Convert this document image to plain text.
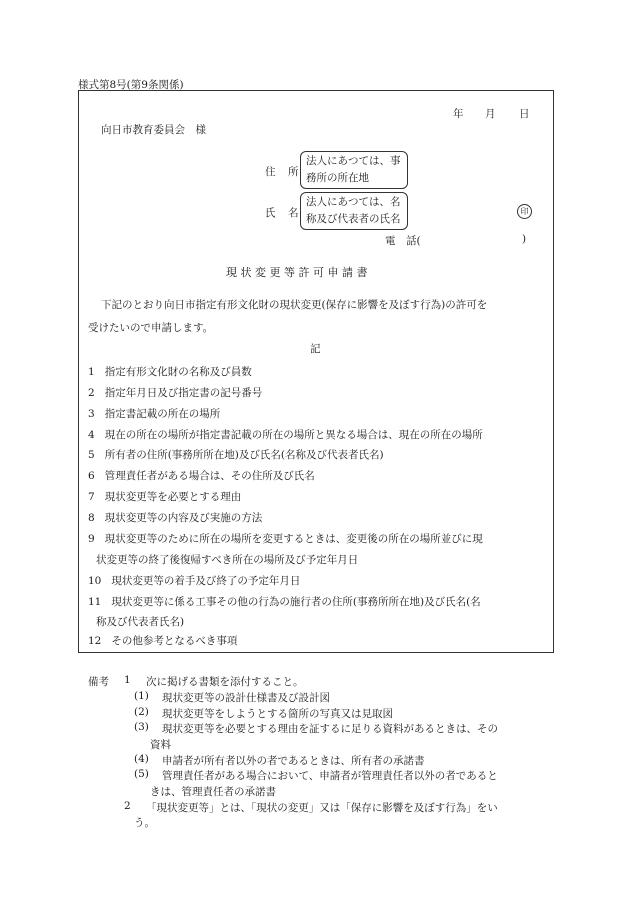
様式第8号(第9条関係)
年 月 日
向日市教育委員会　様
住 所
法人にあつては、事
務所の所在地
氏 名
法人にあつては、名
称及び代表者の氏名
印
電　話(	)
現 状 変 更 等 許 可 申 請 書
下記のとおり向日市指定有形文化財の現状変更(保存に影響を及ぼす行為)の許可を
受けたいので申請します。
記
1 指定有形文化財の名称及び員数
2 指定年月日及び指定書の記号番号
3 指定書記載の所在の場所
4 現在の所在の場所が指定書記載の所在の場所と異なる場合は、現在の所在の場所
5 所有者の住所(事務所所在地)及び氏名(名称及び代表者氏名)
6 管理責任者がある場合は、その住所及び氏名
7 現状変更等を必要とする理由
8 現状変更等の内容及び実施の方法
9 現状変更等のために所在の場所を変更するときは、変更後の所在の場所並びに現
状変更等の終了後復帰すべき所在の場所及び予定年月日
10 現状変更等の着手及び終了の予定年月日
11 現状変更等に係る工事その他の行為の施行者の住所(事務所所在地)及び氏名(名
称及び代表者氏名)
12 その他参考となるべき事項
備考 1 次に掲げる書類を添付すること。
(1) 現状変更等の設計仕様書及び設計図
(2) 現状変更等をしようとする箇所の写真又は見取図
(3) 現状変更等を必要とする理由を証するに足りる資料があるときは、その
資料
(4) 申請者が所有者以外の者であるときは、所有者の承諾書
(5) 管理責任者がある場合において、申請者が管理責任者以外の者であると
きは、管理責任者の承諾書
2 「現状変更等」とは、「現状の変更」又は「保存に影響を及ぼす行為」をい
う。
